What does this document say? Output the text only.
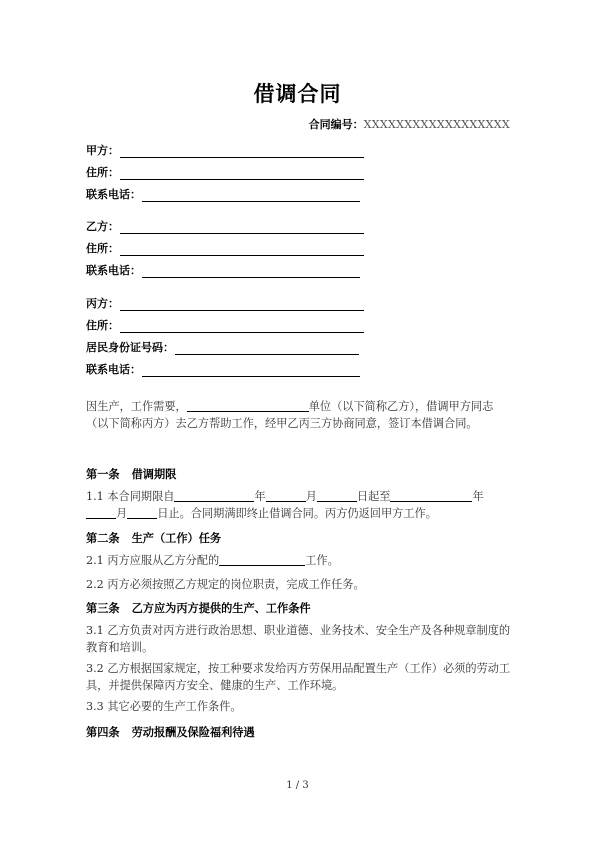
借调合同
合同编号：XXXXXXXXXXXXXXXXXX
甲方：
住所：
联系电话：
乙方：
住所：
联系电话：
丙方：
住所：
居民身份证号码：
联系电话：
因生产，工作需要，	单位（以下简称乙方），借调甲方同志（以下简称丙方）去乙方帮助工作，经甲乙丙三方协商同意，签订本借调合同。
第一条 借调期限
1.1 本合同期限自	年	月	日起至	年月	日止。合同期满即终止借调合同。丙方仍返回甲方工作。
第二条 生产（工作）任务
2.1 丙方应服从乙方分配的	工作。
2.2 丙方必须按照乙方规定的岗位职责，完成工作任务。
第三条 乙方应为丙方提供的生产、工作条件
3.1 乙方负责对丙方进行政治思想、职业道德、业务技术、安全生产及各种规章制度的教育和培训。
3.2 乙方根据国家规定，按工种要求发给丙方劳保用品配置生产（工作）必须的劳动工具，并提供保障丙方安全、健康的生产、工作环境。
3.3 其它必要的生产工作条件。
第四条 劳动报酬及保险福利待遇
1 / 3
